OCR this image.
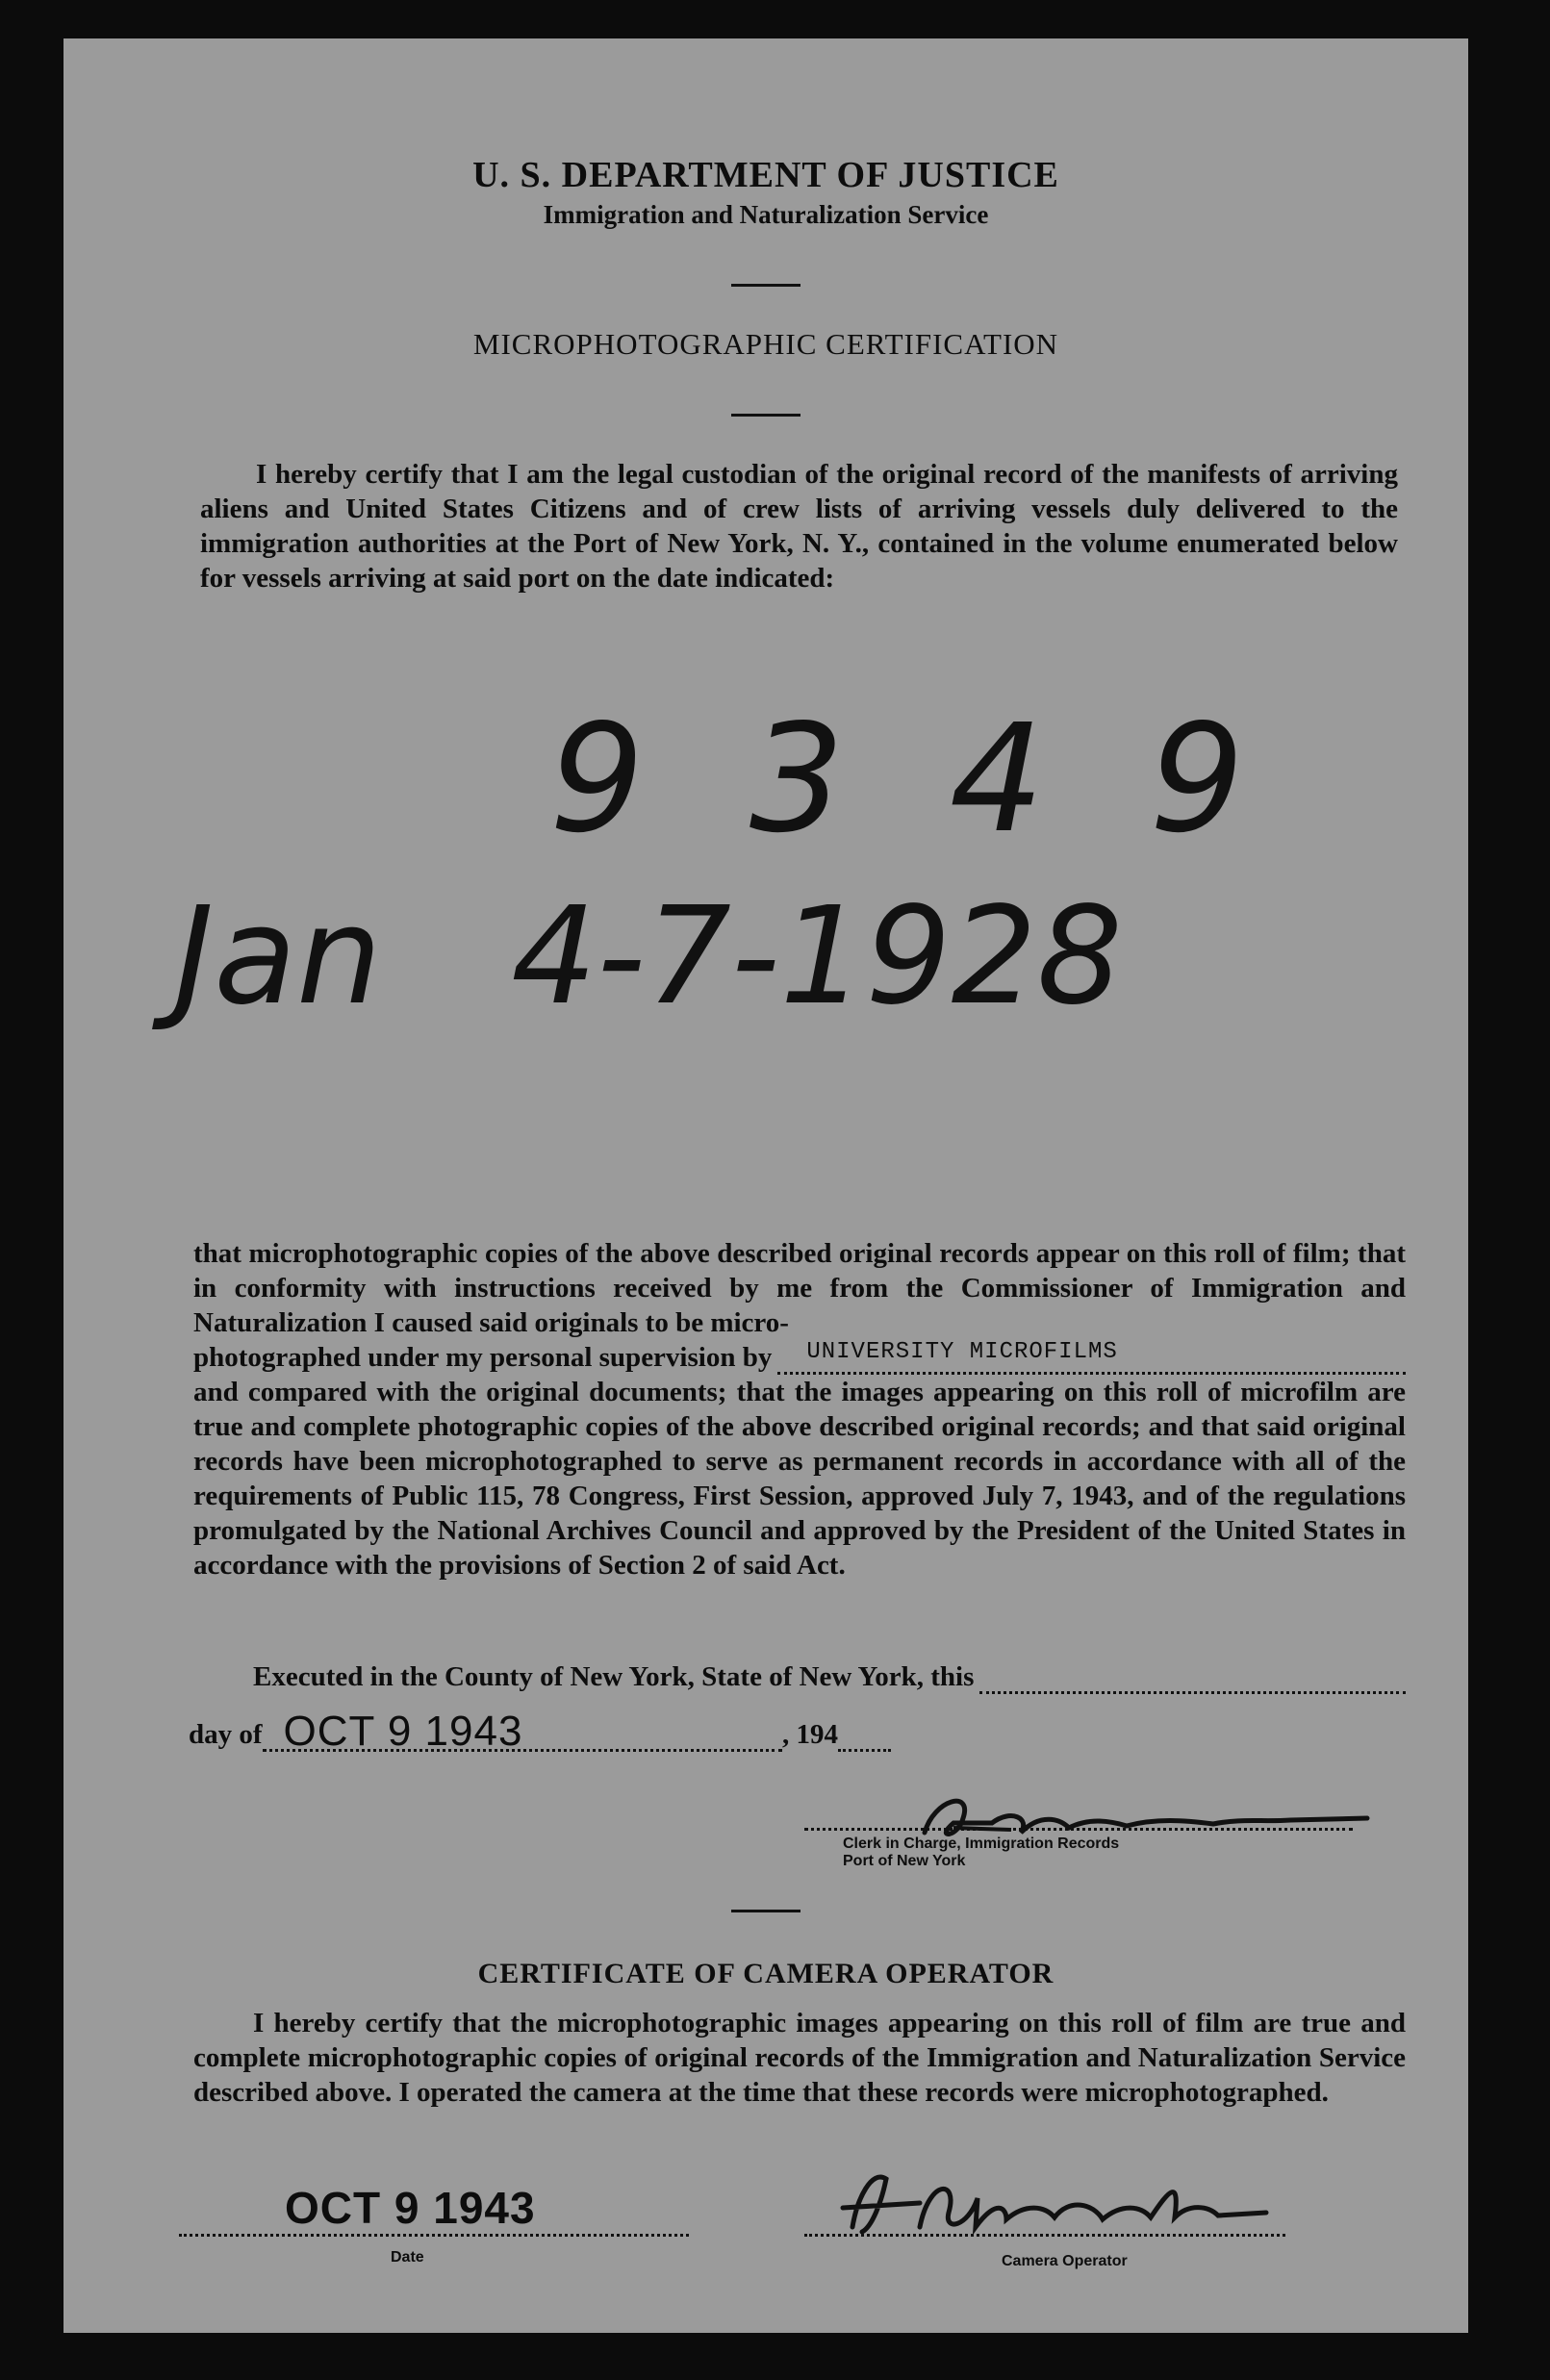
U. S. DEPARTMENT OF JUSTICE
Immigration and Naturalization Service
MICROPHOTOGRAPHIC CERTIFICATION
I hereby certify that I am the legal custodian of the original record of the manifests of arriving aliens and United States Citizens and of crew lists of arriving vessels duly delivered to the immigration authorities at the Port of New York, N. Y., contained in the volume enumerated below for vessels arriving at said port on the date indicated:
9 3 4 9
Jan 4-7-1928

that microphotographic copies of the above described original records appear on this roll of film; that in conformity with instructions received by me from the Commissioner of Immigration and Naturalization I caused said originals to be micro-

photographed under my personal supervision by UNIVERSITY MICROFILMS

and compared with the original documents; that the images appearing on this roll of microfilm are true and complete photographic copies of the above described original records; and that said original records have been microphotographed to serve as permanent records in accordance with all of the requirements of Public 115, 78 Congress, First Session, approved July 7, 1943, and of the regulations promulgated by the National Archives Council and approved by the President of the United States in accordance with the provisions of Section 2 of said Act.

Executed in the County of New York, State of New York, this
day of OCT 9 1943	, 194
Clerk in Charge, Immigration Records
Port of New York
CERTIFICATE OF CAMERA OPERATOR
I hereby certify that the microphotographic images appearing on this roll of film are true and complete microphotographic copies of original records of the Immigration and Naturalization Service described above. I operated the camera at the time that these records were microphotographed.
OCT 9 1943
Date	Camera Operator
